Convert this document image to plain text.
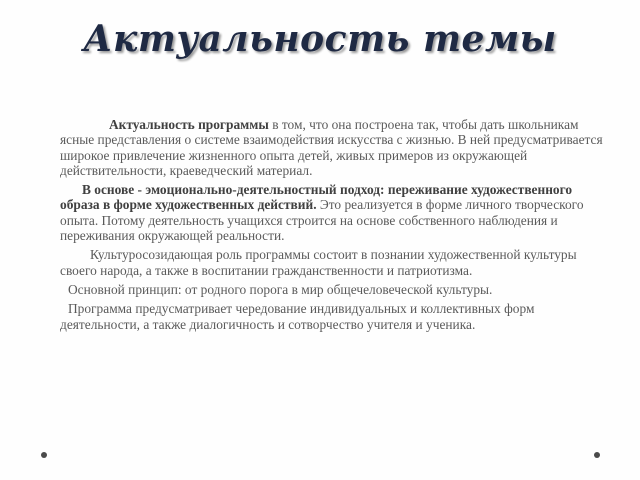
Актуальность темы

Актуальность программы в том, что она построена так, чтобы дать школьникам ясные представления о системе взаимодействия искусства с жизнью. В ней предусматривается широкое привлечение жизненного опыта детей, живых примеров из окружающей действительности, краеведческий материал.

В основе - эмоционально-деятельностный подход: переживание художественного образа в форме художественных действий. Это реализуется в форме личного творческого опыта. Потому деятельность учащихся строится на основе собственного наблюдения и переживания окружающей реальности.

Культуросозидающая роль программы состоит в познании художественной культуры своего народа, а также в воспитании гражданственности и патриотизма.

Основной принцип: от родного порога в мир общечеловеческой культуры.

Программа предусматривает чередование индивидуальных и коллективных форм деятельности, а также диалогичность и сотворчество учителя и ученика.
